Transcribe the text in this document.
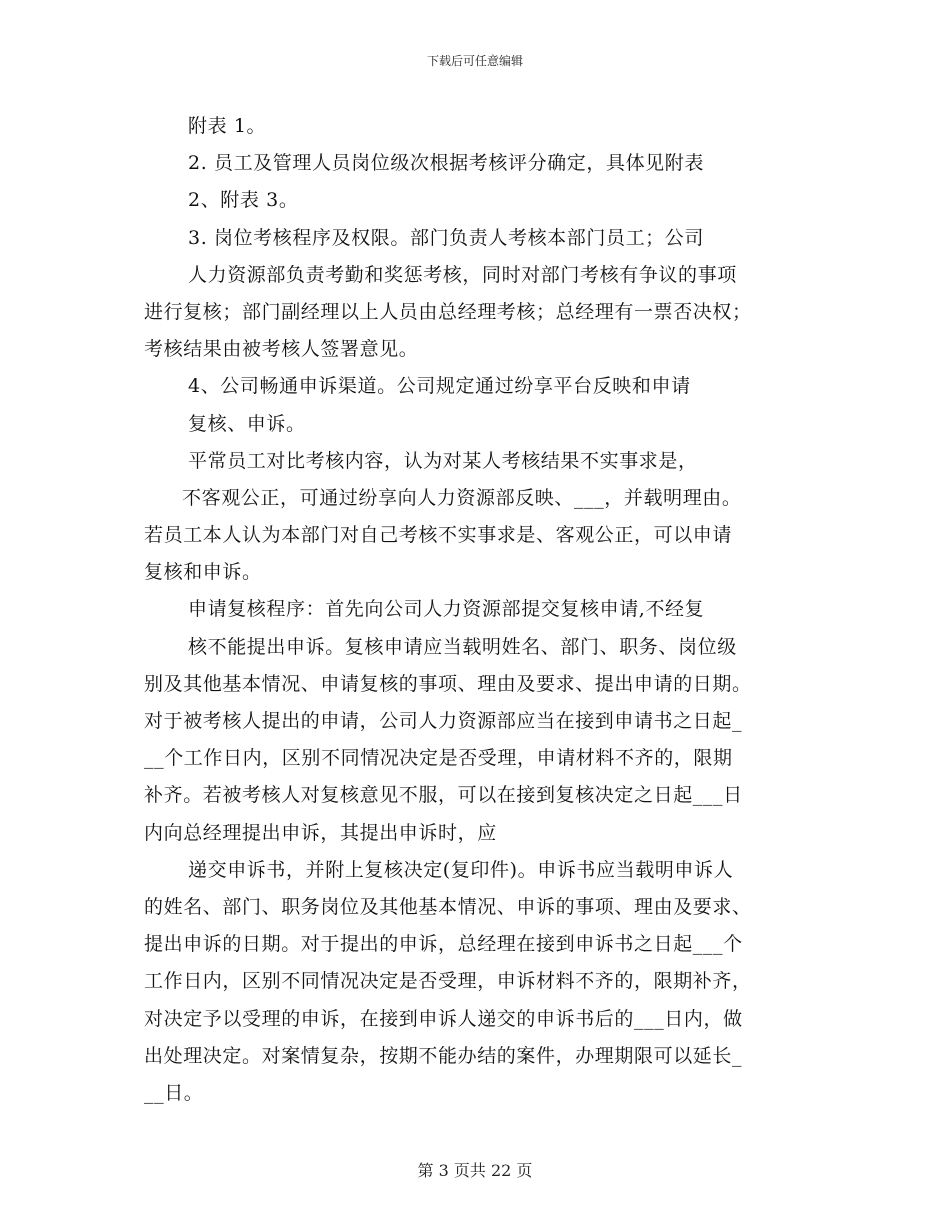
下载后可任意编辑
附表 1。
2. 员工及管理人员岗位级次根据考核评分确定，具体见附表
2、附表 3。
3. 岗位考核程序及权限。部门负责人考核本部门员工；公司
人力资源部负责考勤和奖惩考核，同时对部门考核有争议的事项
进行复核；部门副经理以上人员由总经理考核；总经理有一票否决权；
考核结果由被考核人签署意见。
4、公司畅通申诉渠道。公司规定通过纷享平台反映和申请
复核、申诉。
平常员工对比考核内容，认为对某人考核结果不实事求是，
不客观公正，可通过纷享向人力资源部反映、___，并载明理由。
若员工本人认为本部门对自己考核不实事求是、客观公正，可以申请
复核和申诉。
申请复核程序：首先向公司人力资源部提交复核申请,不经复
核不能提出申诉。复核申请应当载明姓名、部门、职务、岗位级
别及其他基本情况、申请复核的事项、理由及要求、提出申请的日期。
对于被考核人提出的申请，公司人力资源部应当在接到申请书之日起_
__个工作日内，区别不同情况决定是否受理，申请材料不齐的，限期
补齐。若被考核人对复核意见不服，可以在接到复核决定之日起___日
内向总经理提出申诉，其提出申诉时，应
递交申诉书，并附上复核决定(复印件)。申诉书应当载明申诉人
的姓名、部门、职务岗位及其他基本情况、申诉的事项、理由及要求、
提出申诉的日期。对于提出的申诉，总经理在接到申诉书之日起___个
工作日内，区别不同情况决定是否受理，申诉材料不齐的，限期补齐，
对决定予以受理的申诉，在接到申诉人递交的申诉书后的___日内，做
出处理决定。对案情复杂，按期不能办结的案件，办理期限可以延长_
__日。
第 3 页共 22 页
